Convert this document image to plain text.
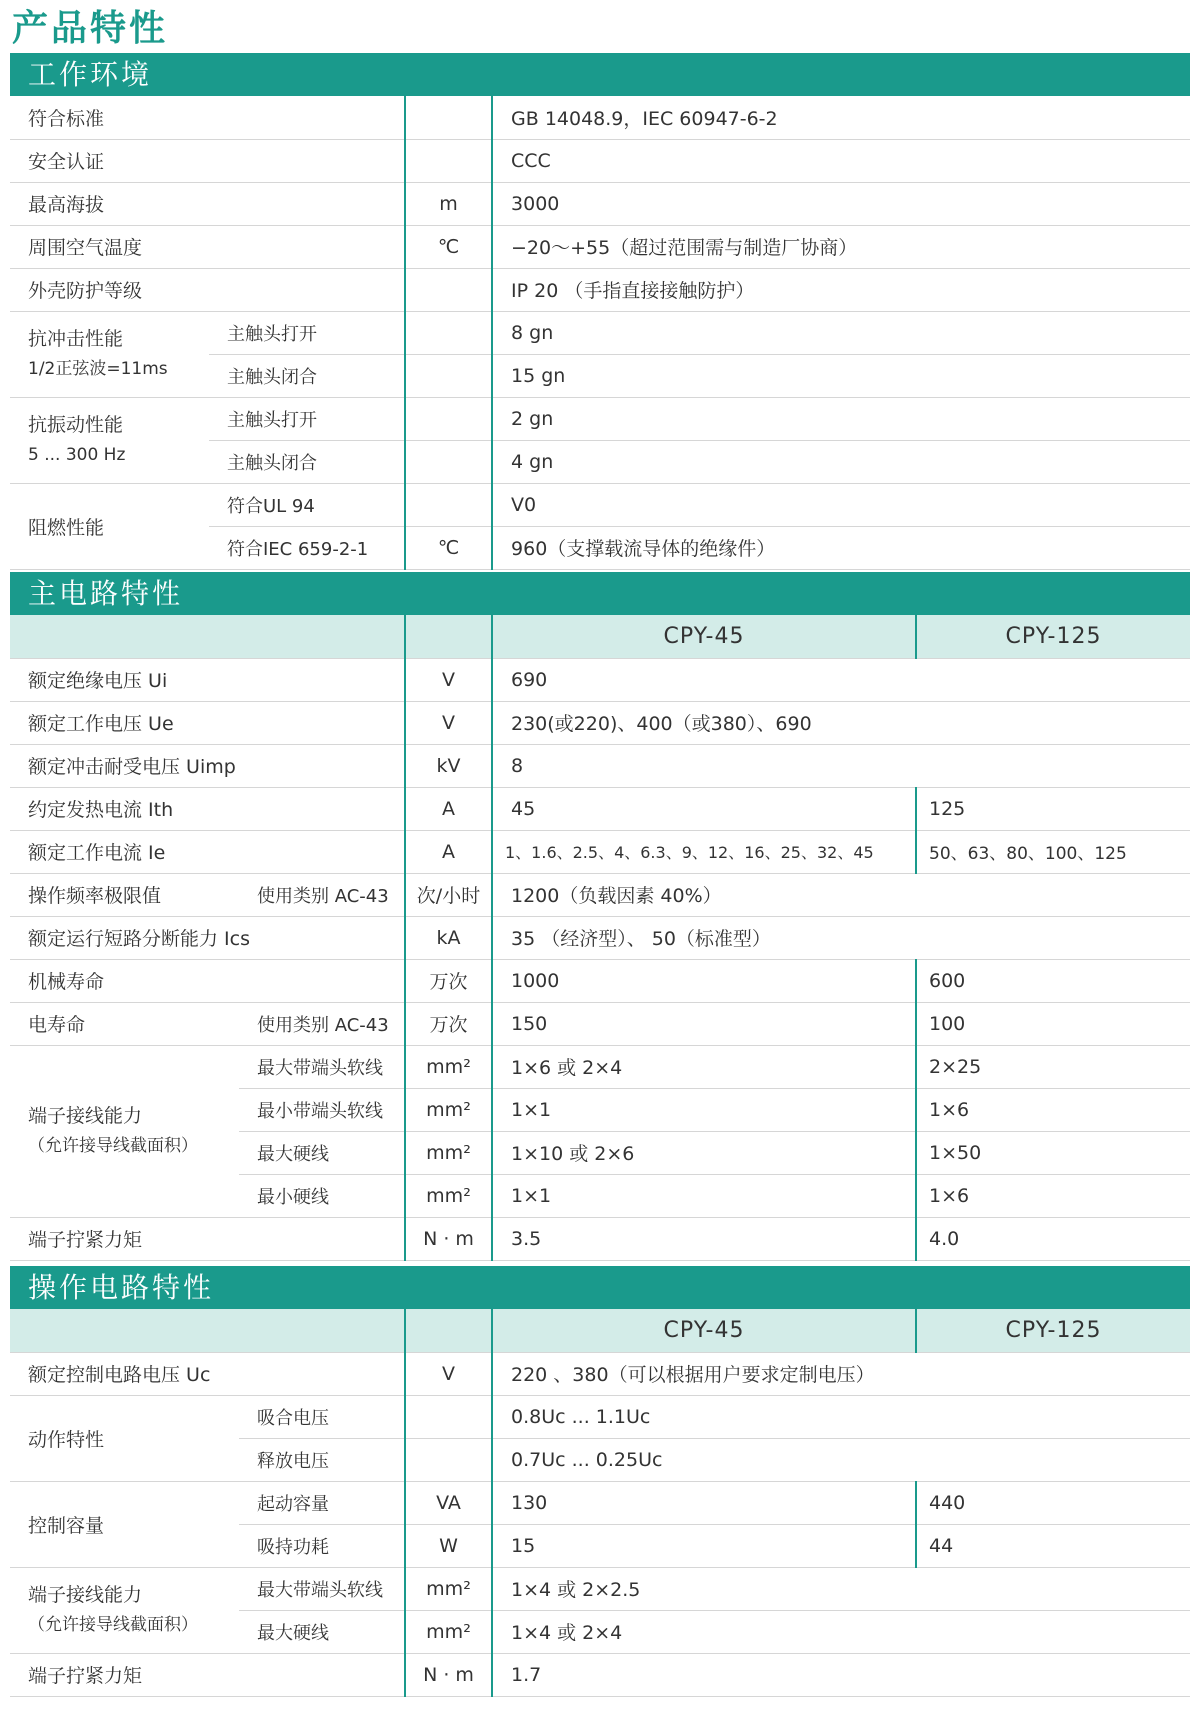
产品特性
工作环境
符合标准			GB 14048.9，IEC 60947-6-2
安全认证			CCC
最高海拔		m	3000
周围空气温度		℃	−20～+55（超过范围需与制造厂协商）
外壳防护等级			IP 20 （手指直接接触防护）
抗冲击性能
1/2正弦波=11ms	主触头打开		8 gn
	主触头闭合		15 gn
抗振动性能
5 ... 300 Hz	主触头打开		2 gn
	主触头闭合		4 gn
阻燃性能	符合UL 94		V0
	符合IEC 659-2-1	℃	960（支撑载流导体的绝缘件）
主电路特性
			CPY-45	CPY-125
额定绝缘电压 Ui		V	690	
额定工作电压 Ue		V	230(或220)、400（或380）、690	
额定冲击耐受电压 Uimp		kV	8	
约定发热电流 Ith		A	45	125
额定工作电流 Ie		A	1、1.6、2.5、4、6.3、9、12、16、25、32、45	50、63、80、100、125
操作频率极限值	使用类别 AC-43	次/小时	1200（负载因素 40%）	
额定运行短路分断能力 Ics		kA	35 （经济型）、 50（标准型）	
机械寿命		万次	1000	600
电寿命	使用类别 AC-43	万次	150	100
端子接线能力
（允许接导线截面积）	最大带端头软线	mm²	1×6 或 2×4	2×25
	最小带端头软线	mm²	1×1	1×6
	最大硬线	mm²	1×10 或 2×6	1×50
	最小硬线	mm²	1×1	1×6
端子拧紧力矩		N · m	3.5	4.0
操作电路特性
			CPY-45	CPY-125
额定控制电路电压 Uc		V	220 、380（可以根据用户要求定制电压）	
动作特性	吸合电压		0.8Uc ... 1.1Uc	
	释放电压		0.7Uc ... 0.25Uc	
控制容量	起动容量	VA	130	440
	吸持功耗	W	15	44
端子接线能力
（允许接导线截面积）	最大带端头软线	mm²	1×4 或 2×2.5	
	最大硬线	mm²	1×4 或 2×4	
端子拧紧力矩		N · m	1.7	
